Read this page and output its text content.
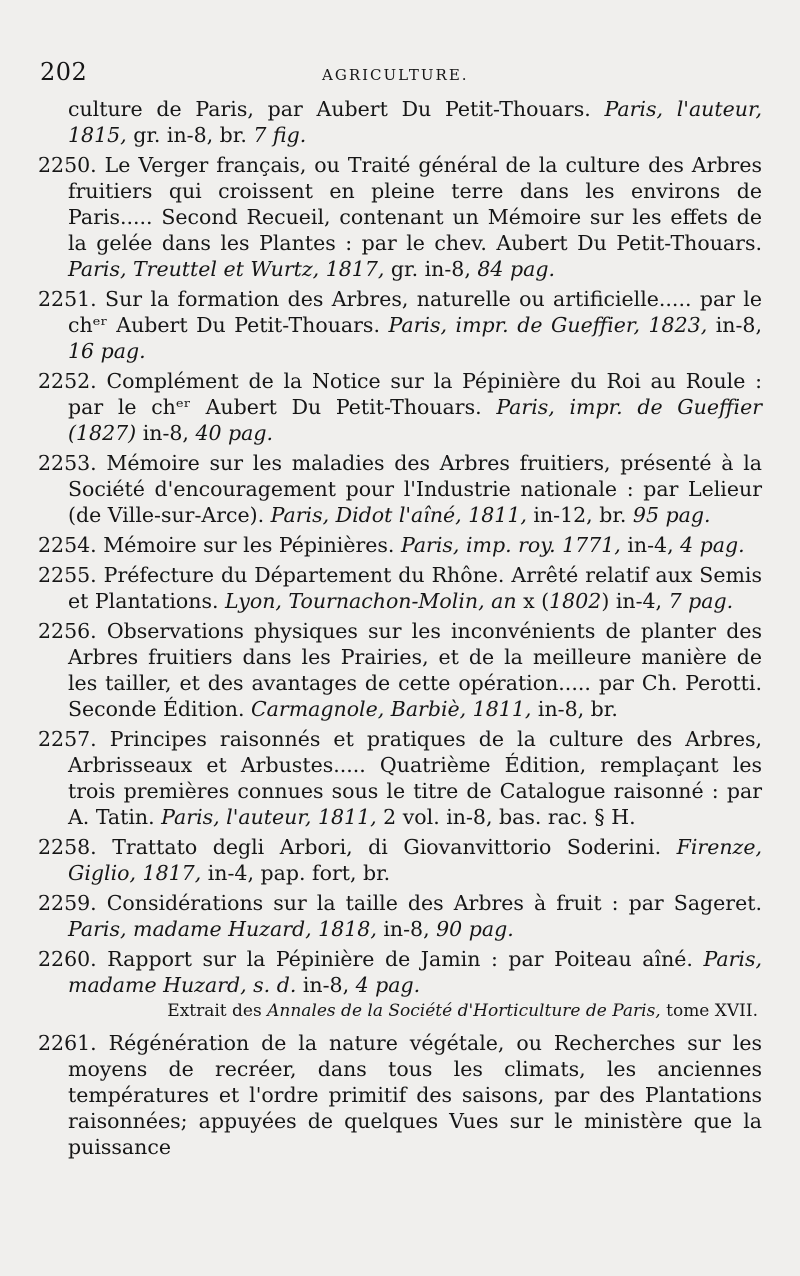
202	AGRICULTURE.

culture de Paris, par Aubert Du Petit-Thouars. Paris, l'auteur, 1815, gr. in-8, br. 7 fig.

2250. Le Verger français, ou Traité général de la culture des Arbres fruitiers qui croissent en pleine terre dans les environs de Paris..... Second Recueil, contenant un Mémoire sur les effets de la gelée dans les Plantes : par le chev. Aubert Du Petit-Thouars. Paris, Treuttel et Wurtz, 1817, gr. in-8, 84 pag.

2251. Sur la formation des Arbres, naturelle ou artificielle..... par le chᵉʳ Aubert Du Petit-Thouars. Paris, impr. de Gueffier, 1823, in-8, 16 pag.

2252. Complément de la Notice sur la Pépinière du Roi au Roule : par le chᵉʳ Aubert Du Petit-Thouars. Paris, impr. de Gueffier (1827) in-8, 40 pag.

2253. Mémoire sur les maladies des Arbres fruitiers, présenté à la Société d'encouragement pour l'Industrie nationale : par Lelieur (de Ville-sur-Arce). Paris, Didot l'aîné, 1811, in-12, br. 95 pag.

2254. Mémoire sur les Pépinières. Paris, imp. roy. 1771, in-4, 4 pag.

2255. Préfecture du Département du Rhône. Arrêté relatif aux Semis et Plantations. Lyon, Tournachon-Molin, an x (1802) in-4, 7 pag.

2256. Observations physiques sur les inconvénients de planter des Arbres fruitiers dans les Prairies, et de la meilleure manière de les tailler, et des avantages de cette opération..... par Ch. Perotti. Seconde Édition. Carmagnole, Barbiè, 1811, in-8, br.

2257. Principes raisonnés et pratiques de la culture des Arbres, Arbrisseaux et Arbustes..... Quatrième Édition, remplaçant les trois premières connues sous le titre de Catalogue raisonné : par A. Tatin. Paris, l'auteur, 1811, 2 vol. in-8, bas. rac. § H.

2258. Trattato degli Arbori, di Giovanvittorio Soderini. Firenze, Giglio, 1817, in-4, pap. fort, br.

2259. Considérations sur la taille des Arbres à fruit : par Sageret. Paris, madame Huzard, 1818, in-8, 90 pag.

2260. Rapport sur la Pépinière de Jamin : par Poiteau aîné. Paris, madame Huzard, s. d. in-8, 4 pag.

Extrait des Annales de la Société d'Horticulture de Paris, tome XVII.

2261. Régénération de la nature végétale, ou Recherches sur les moyens de recréer, dans tous les climats, les anciennes températures et l'ordre primitif des saisons, par des Plantations raisonnées; appuyées de quelques Vues sur le ministère que la puissance
